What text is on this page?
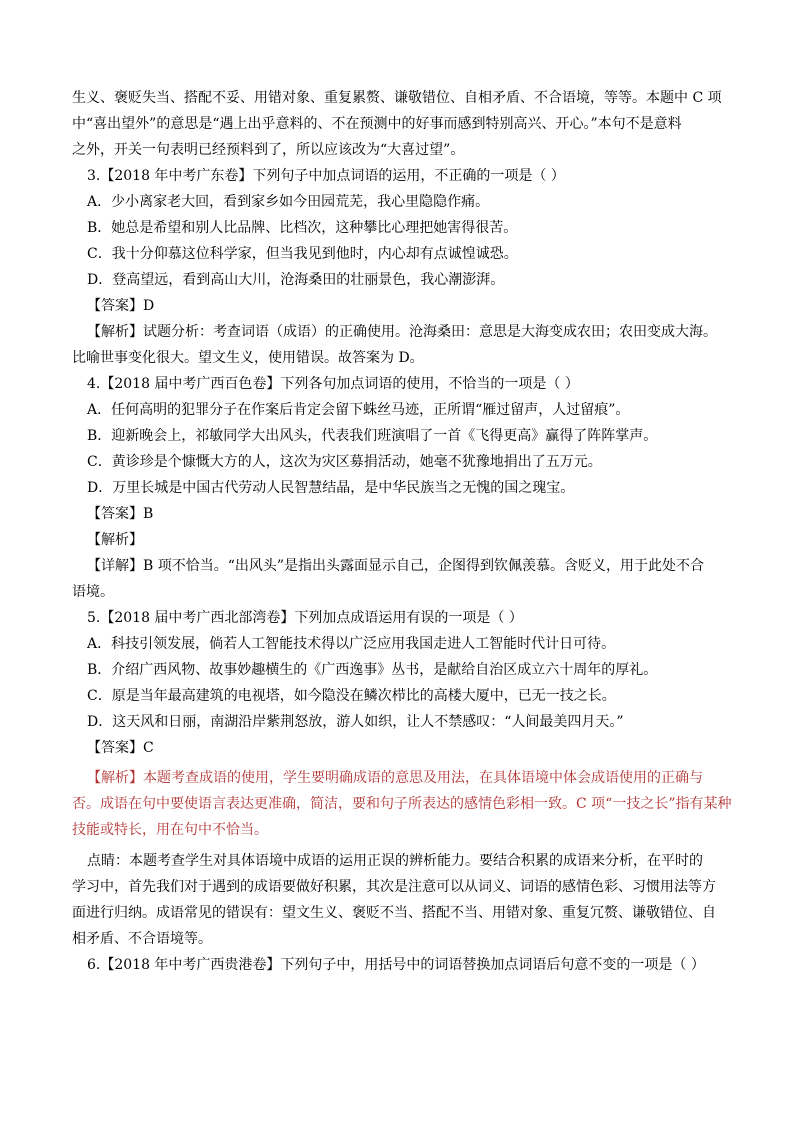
生义、褒贬失当、搭配不妥、用错对象、重复累赘、谦敬错位、自相矛盾、不合语境，等等。本题中 C 项
中“喜出望外”的意思是“遇上出乎意料的、不在预测中的好事而感到特别高兴、开心。”本句不是意料
之外，开关一句表明已经预料到了，所以应该改为“大喜过望”。
3.【2018 年中考广东卷】下列句子中加点词语的运用，不正确的一项是（ ）
A．少小离家老大回，看到家乡如今田园荒芜，我心里隐隐作痛。
B．她总是希望和别人比品牌、比档次，这种攀比心理把她害得很苦。
C．我十分仰慕这位科学家，但当我见到他时，内心却有点诚惶诚恐。
D．登高望远，看到高山大川，沧海桑田的壮丽景色，我心潮澎湃。
【答案】D
【解析】试题分析：考查词语（成语）的正确使用。沧海桑田：意思是大海变成农田；农田变成大海。
比喻世事变化很大。望文生义，使用错误。故答案为 D。
4.【2018 届中考广西百色卷】下列各句加点词语的使用，不恰当的一项是（ ）
A．任何高明的犯罪分子在作案后肯定会留下蛛丝马迹，正所谓“雁过留声，人过留痕”。
B．迎新晚会上，祁敏同学大出风头，代表我们班演唱了一首《飞得更高》赢得了阵阵掌声。
C．黄诊珍是个慷慨大方的人，这次为灾区募捐活动，她毫不犹豫地捐出了五万元。
D．万里长城是中国古代劳动人民智慧结晶，是中华民族当之无愧的国之瑰宝。
【答案】B
【解析】
【详解】B 项不恰当。“出风头”是指出头露面显示自己，企图得到钦佩羡慕。含贬义，用于此处不合
语境。
5.【2018 届中考广西北部湾卷】下列加点成语运用有误的一项是（ ）
A．科技引领发展，倘若人工智能技术得以广泛应用我国走进人工智能时代计日可待。
B．介绍广西风物、故事妙趣横生的《广西逸事》丛书，是献给自治区成立六十周年的厚礼。
C．原是当年最高建筑的电视塔，如今隐没在鳞次栉比的高楼大厦中，已无一技之长。
D．这天风和日丽，南湖沿岸紫荆怒放，游人如织，让人不禁感叹：“人间最美四月天。”
【答案】C
【解析】本题考查成语的使用，学生要明确成语的意思及用法，在具体语境中体会成语使用的正确与
否。成语在句中要使语言表达更准确，简洁，要和句子所表达的感情色彩相一致。C 项“一技之长”指有某种
技能或特长，用在句中不恰当。
点睛：本题考查学生对具体语境中成语的运用正误的辨析能力。要结合积累的成语来分析，在平时的
学习中，首先我们对于遇到的成语要做好积累，其次是注意可以从词义、词语的感情色彩、习惯用法等方
面进行归纳。成语常见的错误有：望文生义、褒贬不当、搭配不当、用错对象、重复冗赘、谦敬错位、自
相矛盾、不合语境等。
6.【2018 年中考广西贵港卷】下列句子中，用括号中的词语替换加点词语后句意不变的一项是（ ）
